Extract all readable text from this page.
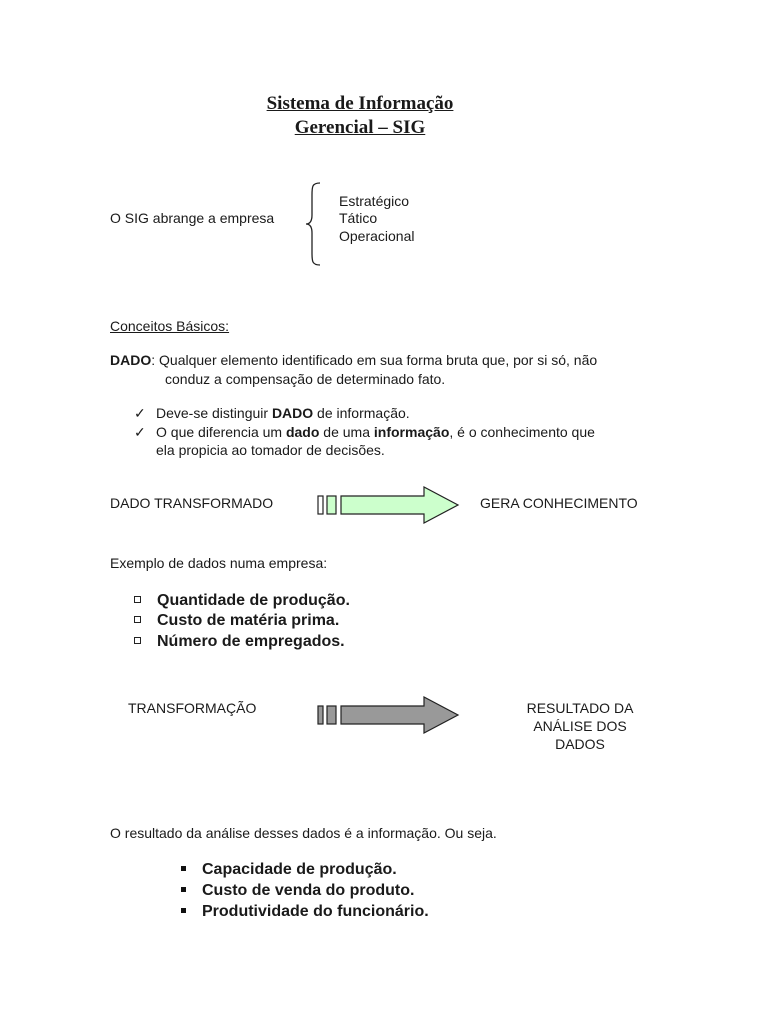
Sistema de Informação
Gerencial – SIG
O SIG abrange a empresa
Estratégico
Tático
Operacional
Conceitos Básicos:
DADO: Qualquer elemento identificado em sua forma bruta que, por si só, não
conduz a compensação de determinado fato.
✓ Deve-se distinguir DADO de informação.
✓ O que diferencia um dado de uma informação, é o conhecimento que
ela propicia ao tomador de decisões.
DADO TRANSFORMADO	GERA CONHECIMENTO
Exemplo de dados numa empresa:
Quantidade de produção.
Custo de matéria prima.
Número de empregados.
TRANSFORMAÇÃO	RESULTADO DA
ANÁLISE DOS
DADOS
O resultado da análise desses dados é a informação. Ou seja.
Capacidade de produção.
Custo de venda do produto.
Produtividade do funcionário.
